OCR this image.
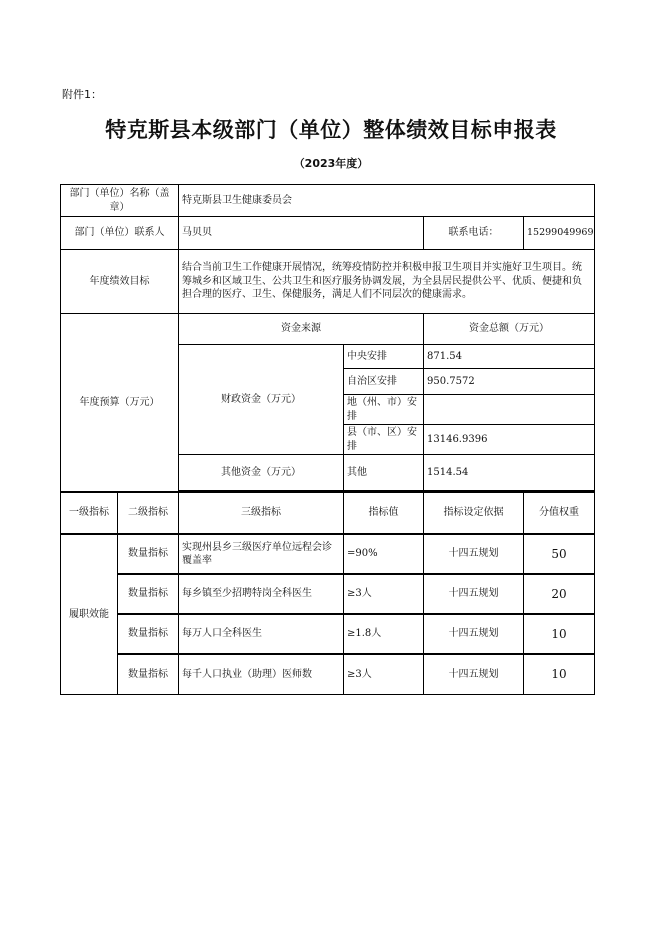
附件1：
特克斯县本级部门（单位）整体绩效目标申报表
（2023年度）
部门（单位）名称（盖章）		特克斯县卫生健康委员会			
部门（单位）联系人		马贝贝		联系电话：	15299049969
年度绩效目标		结合当前卫生工作健康开展情况，统筹疫情防控并积极申报卫生项目并实施好卫生项目。统筹城乡和区域卫生、公共卫生和医疗服务协调发展，为全县居民提供公平、优质、便捷和负担合理的医疗、卫生、保健服务，满足人们不同层次的健康需求。			
年度预算（万元）		资金来源		资金总额（万元）	
		财政资金（万元）	中央安排	871.54	
			自治区安排	950.7572	
			地（州、市）安排		
			县（市、区）安排	13146.9396	
		其他资金（万元）	其他	1514.54	

一级指标	二级指标	三级指标	指标值	指标设定依据	分值权重
履职效能	数量指标	实现州县乡三级医疗单位远程会诊覆盖率	=90%	十四五规划	50
	数量指标	每乡镇至少招聘特岗全科医生	≥3人	十四五规划	20
	数量指标	每万人口全科医生	≥1.8人	十四五规划	10
	数量指标	每千人口执业（助理）医师数	≥3人	十四五规划	10
